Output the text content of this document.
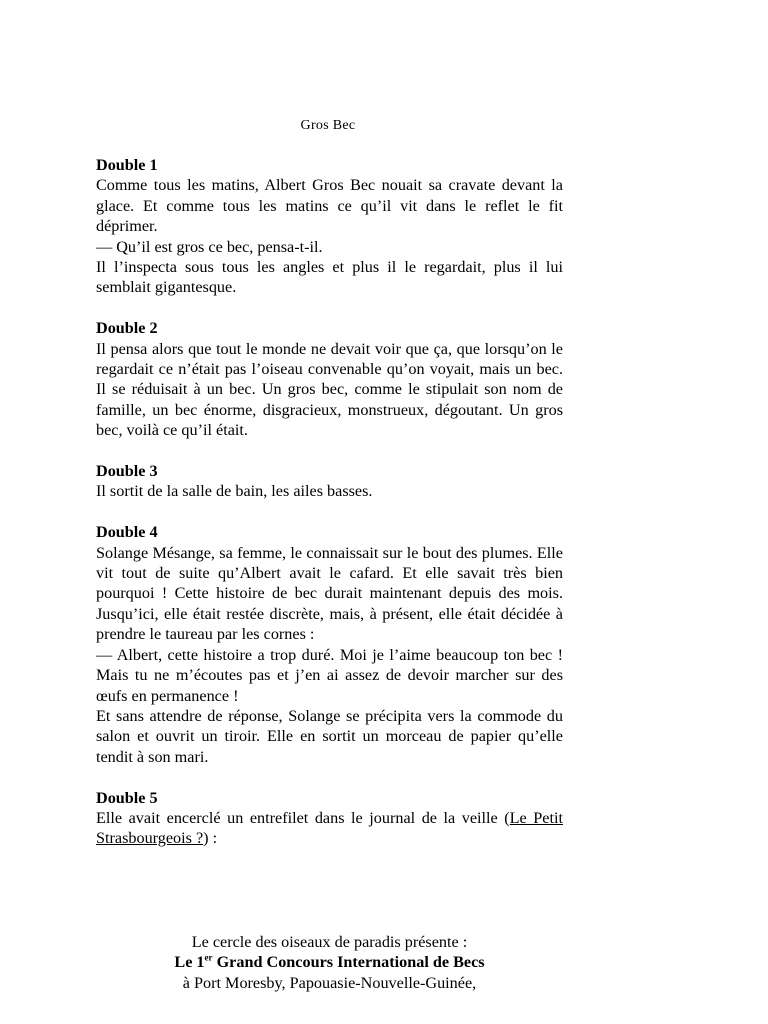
Gros Bec
Double 1
Comme tous les matins, Albert Gros Bec nouait sa cravate devant la glace. Et comme tous les matins ce qu’il vit dans le reflet le fit déprimer.
— Qu’il est gros ce bec, pensa-t-il.
Il l’inspecta sous tous les angles et plus il le regardait, plus il lui semblait gigantesque.
Double 2
Il pensa alors que tout le monde ne devait voir que ça, que lorsqu’on le regardait ce n’était pas l’oiseau convenable qu’on voyait, mais un bec. Il se réduisait à un bec. Un gros bec, comme le stipulait son nom de famille, un bec énorme, disgracieux, monstrueux, dégoutant. Un gros bec, voilà ce qu’il était.
Double 3
Il sortit de la salle de bain, les ailes basses.
Double 4
Solange Mésange, sa femme, le connaissait sur le bout des plumes. Elle vit tout de suite qu’Albert avait le cafard. Et elle savait très bien pourquoi ! Cette histoire de bec durait maintenant depuis des mois. Jusqu’ici, elle était restée discrète, mais, à présent, elle était décidée à prendre le taureau par les cornes :
— Albert, cette histoire a trop duré. Moi je l’aime beaucoup ton bec ! Mais tu ne m’écoutes pas et j’en ai assez de devoir marcher sur des œufs en permanence !
Et sans attendre de réponse, Solange se précipita vers la commode du salon et ouvrit un tiroir. Elle en sortit un morceau de papier qu’elle tendit à son mari.
Double 5
Elle avait encerclé un entrefilet dans le journal de la veille (Le Petit Strasbourgeois ?) :
Le cercle des oiseaux de paradis présente :
Le 1er Grand Concours International de Becs
à Port Moresby, Papouasie-Nouvelle-Guinée,
